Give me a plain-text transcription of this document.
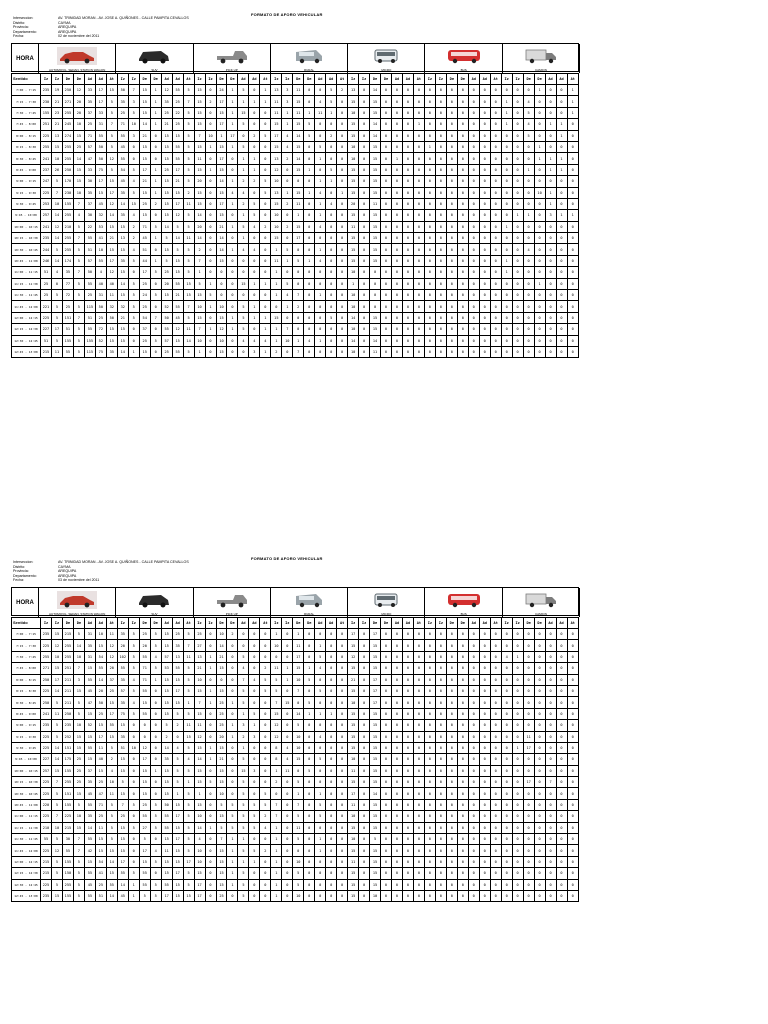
FORMATO DE AFORO VEHICULAR
Interseccion:	AV. TRINIDAD MORAN - AV. JOSE A. QUIÑONES - CALLE PAMPITA CEVALLOS
Distrito:	CAYMA
Provincia:	AREQUIPA
Departamento:	AREQUIPA
Fecha:	02 de noviembre del 2011
HORA
AUTOMOVIL, SEDAN, STATION WAGON	SUV	PICK UP	RURAL	MICRO	BUS	CAMION
Sentido	Iz	Iz	De	De	Ad	Ad	At	Iz	Iz	De	De	Ad	Ad	At	Iz	Iz	De	De	Ad	Ad	At	Iz	Iz	De	De	Ad	Ad	At	Iz	Iz	De	De	Ad	Ad	At	Iz	Iz	De	De	Ad	Ad	At	Iz	Iz	De	De	Ad	Ad	At
7:00 - 7:15	235	19	250	12	33	17	15	50	7	15	1	12	55	5	15	0	24	1	5	0	1	13	3	11	0	0	5	2	13	0	14	0	0	0	0	0	0	0	0	0	0	0	0	0	0	1	0	0	1
7:15 - 7:30	230	21	271	20	35	17	5	35	3	15	1	35	25	7	15	2	17	1	1	1	1	11	3	15	0	4	5	0	15	0	15	0	0	0	0	0	0	0	0	0	0	0	1	0	4	0	0	0	1
7:30 - 7:45	155	23	255	20	37	33	5	25	5	15	1	25	22	5	15	0	15	1	15	0	0	11	1	11	1	11	1	0	10	0	15	0	0	0	0	0	0	0	0	0	0	0	1	0	5	0	0	0	1
7:45 - 8:00	251	21	245	10	25	31	7	71	10	14	1	21	25	5	15	0	17	1	5	0	0	15	1	15	5	0	0	0	15	0	14	0	0	0	1	0	0	0	0	0	0	0	1	0	4	0	1	1	0
8:00 - 8:15	225	13	274	15	71	55	5	55	3	21	0	15	15	5	7	10	1	17	0	2	5	17	4	14	5	0	2	0	15	0	14	0	0	0	0	0	0	0	0	0	0	0	0	0	5	0	0	1	0
8:15 - 8:30	255	15	255	25	57	50	5	45	0	15	0	15	55	5	15	1	15	1	5	0	0	15	4	15	0	5	0	0	10	0	15	0	0	0	0	1	0	0	0	0	0	0	0	0	0	1	0	0	0
8:30 - 8:45	241	10	255	14	47	50	12	55	0	15	0	15	55	5	11	0	17	0	1	1	0	13	2	14	0	1	0	0	10	0	15	0	1	0	0	0	0	0	0	0	0	0	0	0	0	1	1	1	0
8:45 - 9:00	237	26	250	15	33	75	5	54	5	17	1	25	17	5	15	1	15	0	1	1	0	12	0	15	1	0	5	0	15	0	15	0	0	0	0	0	0	0	0	0	0	0	0	0	1	0	1	1	0
9:00 - 9:15	247	5	170	15	30	17	15	45	4	21	1	15	21	5	20	0	14	1	2	2	5	10	0	0	0	1	1	0	15	0	15	0	0	0	0	0	0	0	0	0	0	0	0	0	0	0	0	0	0
9:15 - 9:30	225	7	230	10	35	15	17	35	5	15	1	15	15	2	15	0	15	4	4	0	5	13	1	15	1	4	0	1	15	0	15	0	0	0	0	0	0	0	0	0	0	0	0	0	0	10	1	0	0
9:30 - 9:45	253	10	155	7	37	45	12	14	15	25	2	15	17	11	15	0	17	1	2	5	0	15	2	11	0	1	4	0	20	0	11	0	0	0	0	0	0	0	0	0	0	0	0	0	0	0	1	0	0
9:45 - 10:00	257	14	255	4	30	32	14	35	4	15	0	15	12	5	14	0	15	0	1	5	0	10	0	1	0	1	0	0	15	0	15	0	0	0	0	0	0	0	0	0	0	0	0	1	1	0	3	1	1
10:00 - 10:15	241	12	210	5	22	53	15	15	2	71	5	14	5	5	20	0	21	1	5	4	2	10	2	15	0	4	0	0	11	0	15	0	0	0	0	0	0	0	0	0	0	0	1	0	0	0	0	0	0
10:15 - 10:30	235	14	255	7	55	41	21	13	2	45	1	5	14	11	14	0	14	0	1	0	0	15	0	17	0	0	0	0	15	0	15	0	0	0	0	0	0	0	0	0	0	0	0	0	0	0	0	0	0
10:30 - 10:45	244	5	255	5	51	10	15	15	4	51	0	15	5	5	2	0	14	1	4	4	0	1	5	0	0	1	0	0	15	0	15	0	0	0	0	0	0	0	0	0	0	0	0	0	4	0	0	0	0
10:45 - 11:00	246	14	174	5	57	55	17	35	5	44	1	5	15	5	7	0	15	0	0	0	0	11	1	5	1	4	0	0	15	0	15	0	0	0	0	0	0	0	0	0	0	0	1	0	0	0	0	0	0
11:00 - 11:15	51	4	35	7	50	4	12	15	0	17	5	25	15	5	1	0	0	0	0	0	0	1	0	0	0	0	0	0	10	0	0	0	0	0	0	0	0	0	0	0	0	0	1	0	0	0	0	0	0
11:15 - 11:30	25	0	77	5	55	40	40	14	5	25	0	20	55	15	5	1	0	0	15	1	1	1	5	0	0	0	0	0	1	0	0	0	0	0	0	0	0	0	0	0	0	0	0	0	0	1	0	0	0
11:30 - 11:45	25	5	72	5	25	31	11	15	5	24	5	15	21	15	15	5	0	0	0	0	0	1	4	7	0	1	0	0	10	0	0	0	0	0	0	0	0	0	0	0	0	0	0	0	0	0	0	0	0
11:45 - 12:00	221	5	25	5	115	50	32	32	5	25	0	52	55	7	10	1	10	0	5	1	0	0	1	2	0	0	0	0	10	0	0	0	0	0	0	0	0	0	0	0	0	0	0	0	0	0	0	0	0
12:00 - 12:15	225	5	151	7	51	25	50	21	5	54	7	50	45	5	15	0	15	1	5	1	1	15	0	0	0	0	5	0	14	0	15	0	0	0	0	0	0	0	0	0	0	0	0	0	0	0	0	0	0
12:15 - 12:30	227	17	51	5	55	72	15	15	0	37	0	55	12	11	7	1	12	1	5	0	1	1	7	0	0	0	0	0	10	0	15	0	0	0	0	0	0	0	0	0	0	0	0	0	0	0	0	0	0
12:30 - 12:45	51	5	155	5	155	52	15	15	0	25	5	57	15	14	10	0	10	0	4	4	4	1	10	1	4	1	0	0	14	0	14	0	0	0	0	0	0	0	0	0	0	0	0	0	0	0	0	0	0
12:45 - 13:00	215	11	55	5	115	75	35	14	1	15	0	25	55	5	1	0	15	0	0	3	1	2	0	7	0	0	0	0	10	0	11	0	0	0	0	0	0	0	0	0	0	0	0	0	0	0	0	0	0
FORMATO DE AFORO VEHICULAR
Interseccion:	AV. TRINIDAD MORAN - AV. JOSE A. QUIÑONES - CALLE PAMPITA CEVALLOS
Distrito:	CAYMA
Provincia:	AREQUIPA
Departamento:	AREQUIPA
Fecha:	03 de noviembre del 2011
HORA
AUTOMOVIL, SEDAN, STATION WAGON	SUV	PICK UP	RURAL	MICRO	BUS	CAMION
Sentido	Iz	Iz	De	De	Ad	Ad	At	Iz	Iz	De	De	Ad	Ad	At	Iz	Iz	De	De	Ad	Ad	At	Iz	Iz	De	De	Ad	Ad	At	Iz	Iz	De	De	Ad	Ad	At	Iz	Iz	De	De	Ad	Ad	At	Iz	Iz	De	De	Ad	Ad	At
7:00 - 7:15	235	15	215	5	31	10	11	35	5	25	5	15	25	5	25	0	10	2	0	0	0	1	0	1	0	0	0	0	17	0	17	0	0	0	0	0	0	0	0	0	0	0	0	0	0	0	0	0	0
7:15 - 7:30	225	12	255	14	35	15	12	20	5	20	5	15	35	7	27	0	14	0	0	0	0	10	0	11	0	1	0	0	15	0	15	0	0	0	0	0	0	0	0	0	0	0	0	0	0	0	0	0	0
7:30 - 7:45	255	10	255	10	31	54	12	102	5	55	4	57	13	11	13	1	21	0	5	0	0	0	0	17	0	5	0	0	12	0	15	0	0	0	0	0	0	0	0	0	0	0	4	1	0	0	0	0	0
7:45 - 8:00	271	15	251	7	15	55	20	55	5	71	5	53	55	5	21	1	15	0	4	0	2	11	1	15	1	4	0	0	15	0	15	0	0	0	0	0	0	0	0	0	0	0	0	0	0	0	0	0	0
8:00 - 8:15	250	17	211	3	55	14	37	35	4	71	1	15	15	5	10	0	0	0	7	4	5	5	1	10	5	0	0	0	21	0	17	0	0	0	0	0	0	0	0	0	0	0	0	0	0	0	0	0	0
8:15 - 8:30	225	14	211	15	45	20	25	57	5	55	0	15	17	5	15	1	15	0	5	0	5	5	0	7	0	5	0	0	15	0	17	0	0	0	0	0	0	0	0	0	0	0	0	0	0	0	0	0	0
8:30 - 8:45	250	5	211	5	47	50	15	35	4	15	0	15	15	1	7	1	25	1	5	0	0	7	15	0	5	0	0	0	10	0	17	0	0	0	0	0	0	0	0	0	0	0	0	0	0	0	0	0	0
8:45 - 9:00	241	11	250	5	15	25	17	75	5	55	0	15	5	5	15	0	25	0	1	5	0	15	0	14	1	1	1	0	15	0	15	0	0	0	0	0	0	0	0	0	0	0	0	0	0	0	0	0	0
9:00 - 9:15	235	5	235	10	52	15	55	15	0	0	0	5	2	11	11	0	25	1	3	1	0	12	0	5	0	0	0	0	15	0	15	0	0	0	0	0	0	0	0	0	0	0	0	0	0	0	0	0	0
9:15 - 9:30	225	5	252	15	15	17	15	35	0	0	0	2	0	15	12	0	20	1	2	3	0	12	0	10	0	4	0	0	15	0	15	0	0	0	0	0	0	0	0	0	0	0	0	0	11	0	0	0	0
9:30 - 9:45	225	14	151	15	55	11	5	51	10	12	0	14	4	5	15	1	15	0	1	0	0	8	4	10	0	0	0	0	15	0	15	0	0	0	0	0	0	0	0	0	0	0	0	1	17	0	0	0	0
9:45 - 10:00	227	14	175	25	15	40	2	15	0	17	0	35	5	4	14	1	21	0	5	0	0	8	4	15	0	5	0	0	10	0	15	0	0	0	0	0	0	0	0	0	0	0	0	0	0	0	0	0	0
10:00 - 10:15	257	15	155	25	37	15	4	15	0	15	1	15	5	5	15	0	15	0	15	3	0	1	11	0	5	0	0	0	11	0	15	0	0	0	0	0	0	0	0	0	0	0	0	0	0	0	0	0	0
10:15 - 10:30	225	7	255	25	35	25	10	5	0	15	0	15	5	1	15	5	15	0	5	0	0	2	0	5	0	0	0	0	15	0	15	0	0	0	0	0	0	0	0	0	0	0	0	0	17	0	7	0	0
10:30 - 10:45	225	5	151	15	45	47	11	15	0	15	0	15	1	5	1	0	10	0	5	0	5	0	0	1	0	1	0	0	17	0	14	0	0	0	0	0	0	0	0	0	0	0	0	0	0	0	0	0	0
10:45 - 11:00	220	5	155	5	55	71	5	7	5	25	5	50	15	5	15	0	5	5	5	5	5	7	0	7	0	5	0	0	11	0	15	0	0	0	0	0	0	0	0	0	0	0	0	0	0	0	0	0	0
11:00 - 11:15	225	7	225	10	35	25	5	25	0	55	5	55	17	5	10	0	15	5	5	5	2	7	0	5	0	5	0	0	10	0	15	0	0	0	0	0	0	0	0	0	0	0	0	0	0	0	0	0	0
11:15 - 11:30	210	10	215	15	14	11	5	15	5	27	5	55	15	5	14	1	5	5	5	5	4	1	0	11	0	0	0	0	15	0	15	0	0	0	0	0	0	0	0	0	0	0	0	0	0	0	0	0	0
11:30 - 11:45	55	5	30	7	55	15	5	15	0	5	0	15	17	5	4	0	7	1	1	0	0	1	0	5	0	1	0	0	10	0	5	0	0	0	0	0	0	0	0	0	0	0	0	0	0	0	0	0	0
11:45 - 12:00	225	12	55	7	42	15	15	15	0	17	4	11	15	5	10	0	15	1	5	5	2	1	0	0	0	1	0	0	15	0	15	0	0	0	0	0	0	0	0	0	0	0	0	0	0	0	0	0	0
12:00 - 12:15	215	5	155	5	15	54	14	17	0	15	5	15	15	17	10	0	15	1	1	1	0	1	0	10	0	0	0	0	11	0	15	0	0	0	0	0	0	0	0	0	0	0	0	0	0	0	0	0	0
12:15 - 12:30	215	5	150	5	55	41	15	55	5	55	0	15	17	5	15	0	15	1	5	0	0	1	0	5	0	0	0	0	15	0	15	0	0	0	0	0	0	0	0	0	0	0	0	0	0	0	0	0	0
12:30 - 12:45	225	5	255	5	45	25	55	14	1	55	5	55	15	5	17	0	15	1	5	0	0	1	0	5	0	0	0	0	15	0	15	0	0	0	0	0	0	0	0	0	0	0	0	0	0	0	0	0	0
12:45 - 13:00	235	15	155	5	55	51	14	45	1	5	5	17	15	15	17	0	25	0	5	0	0	1	0	10	0	0	0	0	15	0	10	0	0	0	0	0	0	0	0	0	0	0	0	0	0	0	0	0	0
